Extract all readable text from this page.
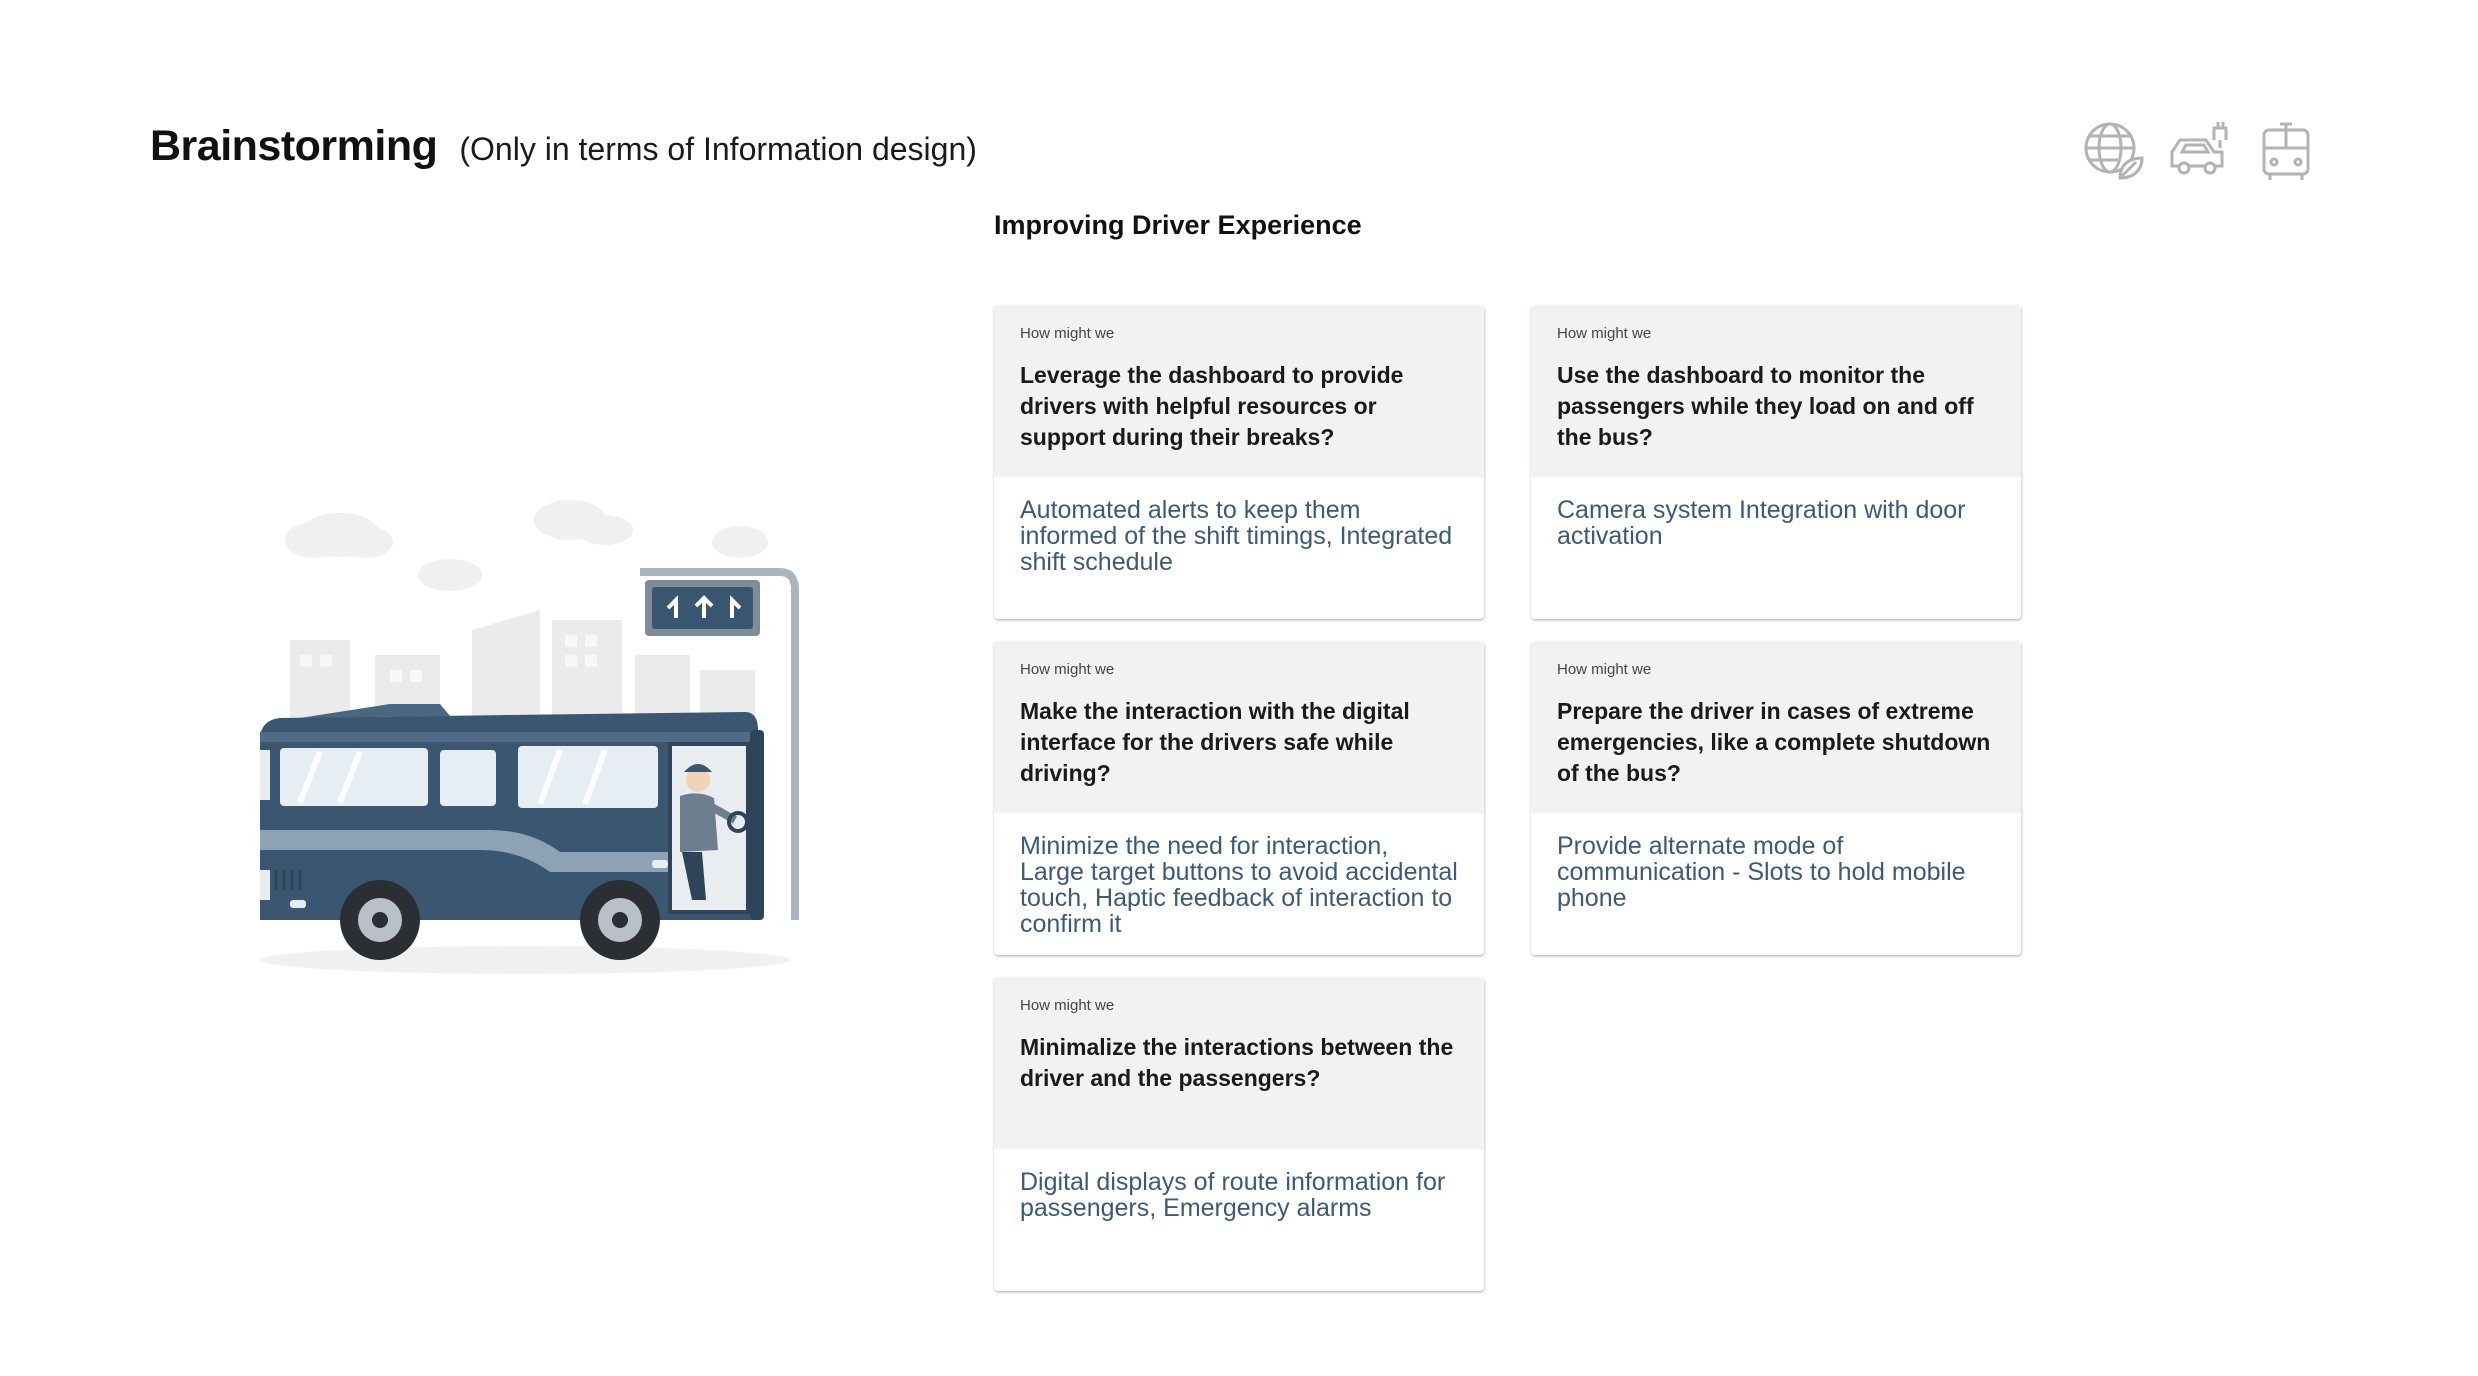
Brainstorming (Only in terms of Information design)
Improving Driver Experience
How might we
Leverage the dashboard to provide drivers with helpful resources or support during their breaks?
Automated alerts to keep them informed of the shift timings, Integrated shift schedule
How might we
Use the dashboard to monitor the passengers while they load on and off the bus?
Camera system Integration with door activation
How might we
Make the interaction with the digital interface for the drivers safe while driving?
Minimize the need for interaction, Large target buttons to avoid accidental touch, Haptic feedback of interaction to confirm it
How might we
Prepare the driver in cases of extreme emergencies, like a complete shutdown of the bus?
Provide alternate mode of communication - Slots to hold mobile phone
How might we
Minimalize the interactions between the driver and the passengers?
Digital displays of route information for passengers, Emergency alarms
